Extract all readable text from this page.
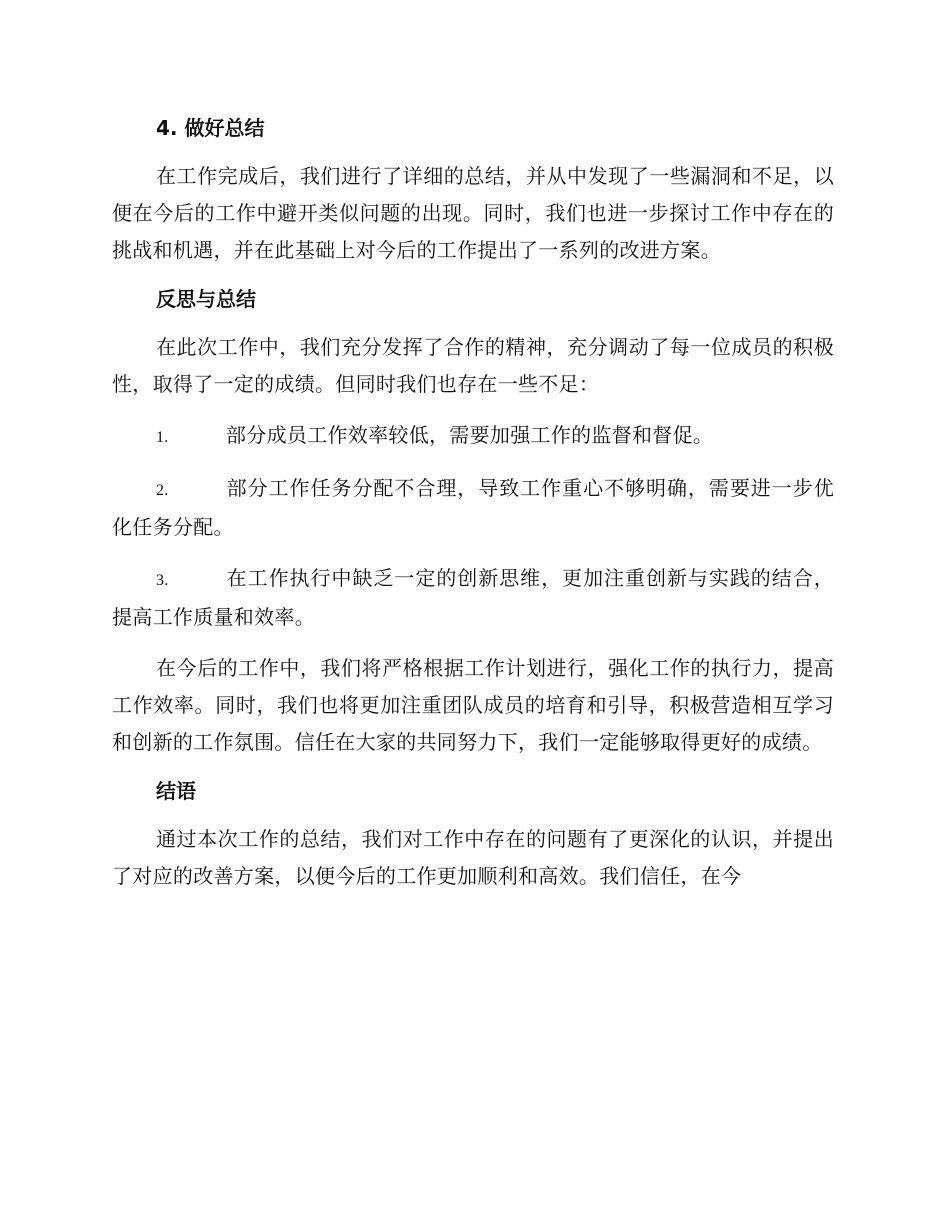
4. 做好总结

在工作完成后，我们进行了详细的总结，并从中发现了一些漏洞和不足，以便在今后的工作中避开类似问题的出现。同时，我们也进一步探讨工作中存在的挑战和机遇，并在此基础上对今后的工作提出了一系列的改进方案。

反思与总结

在此次工作中，我们充分发挥了合作的精神，充分调动了每一位成员的积极性，取得了一定的成绩。但同时我们也存在一些不足：

1.	部分成员工作效率较低，需要加强工作的监督和督促。
2.	部分工作任务分配不合理，导致工作重心不够明确，需要进一步优化任务分配。
3.	在工作执行中缺乏一定的创新思维，更加注重创新与实践的结合，提高工作质量和效率。

在今后的工作中，我们将严格根据工作计划进行，强化工作的执行力，提高工作效率。同时，我们也将更加注重团队成员的培育和引导，积极营造相互学习和创新的工作氛围。信任在大家的共同努力下，我们一定能够取得更好的成绩。

结语

通过本次工作的总结，我们对工作中存在的问题有了更深化的认识，并提出了对应的改善方案，以便今后的工作更加顺利和高效。我们信任，在今
